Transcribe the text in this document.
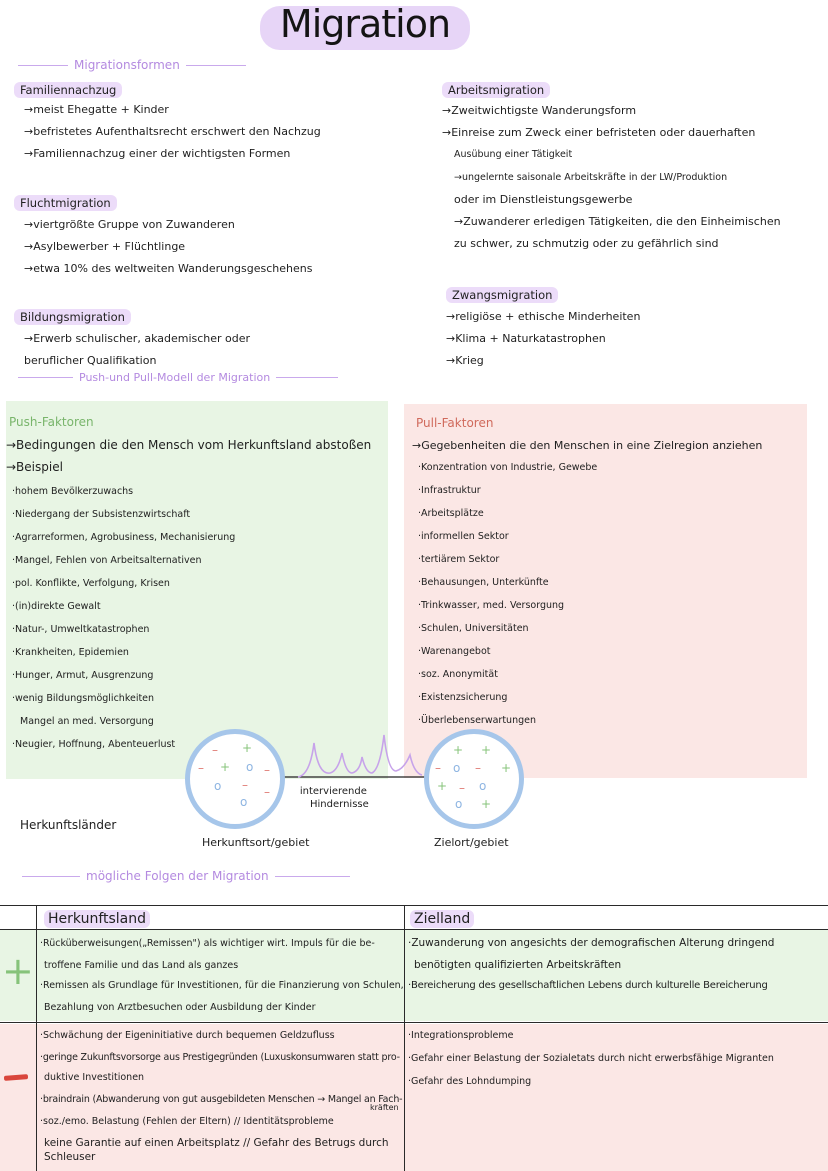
Migration
Migrationsformen
Familiennachzug
→meist Ehegatte + Kinder
→befristetes Aufenthaltsrecht erschwert den Nachzug
→Familiennachzug einer der wichtigsten Formen
Fluchtmigration
→viertgrößte Gruppe von Zuwanderen
→Asylbewerber + Flüchtlinge
→etwa 10% des weltweiten Wanderungsgeschehens
Bildungsmigration
→Erwerb schulischer, akademischer oder
beruflicher Qualifikation
Arbeitsmigration
→Zweitwichtigste Wanderungsform
→Einreise zum Zweck einer befristeten oder dauerhaften
Ausübung einer Tätigkeit
→ungelernte saisonale Arbeitskräfte in der LW/Produktion
oder im Dienstleistungsgewerbe
→Zuwanderer erledigen Tätigkeiten, die den Einheimischen
zu schwer, zu schmutzig oder zu gefährlich sind
Zwangsmigration
→religiöse + ethische Minderheiten
→Klima + Naturkatastrophen
→Krieg
Push-und Pull-Modell der Migration
Push-Faktoren
→Bedingungen die den Mensch vom Herkunftsland abstoßen
→Beispiel
·hohem Bevölkerzuwachs
·Niedergang der Subsistenzwirtschaft
·Agrarreformen, Agrobusiness, Mechanisierung
·Mangel, Fehlen von Arbeitsalternativen
·pol. Konflikte, Verfolgung, Krisen
·(in)direkte Gewalt
·Natur-, Umweltkatastrophen
·Krankheiten, Epidemien
·Hunger, Armut, Ausgrenzung
·wenig Bildungsmöglichkeiten
Mangel an med. Versorgung
·Neugier, Hoffnung, Abenteuerlust
Pull-Faktoren
→Gegebenheiten die den Menschen in eine Zielregion anziehen
·Konzentration von Industrie, Gewebe
·Infrastruktur
·Arbeitsplätze
·informellen Sektor
·tertiärem Sektor
·Behausungen, Unterkünfte
·Trinkwasser, med. Versorgung
·Schulen, Universitäten
·Warenangebot
·soz. Anonymität
·Existenzsicherung
·Überlebenserwartungen
– +
– + o –
o – –
o
+ +
– o – +
+ – o
o +
intervierende
Hindernisse
Herkunftsländer
Herkunftsort/gebiet	Zielort/gebiet
mögliche Folgen der Migration
Herkunftsland	Zielland
+
·Rücküberweisungen(„Remissen") als wichtiger wirt. Impuls für die be-
troffene Familie und das Land als ganzes
·Remissen als Grundlage für Investitionen, für die Finanzierung von Schulen,
Bezahlung von Arztbesuchen oder Ausbildung der Kinder
·Zuwanderung von angesichts der demografischen Alterung dringend
benötigten qualifizierten Arbeitskräften
·Bereicherung des gesellschaftlichen Lebens durch kulturelle Bereicherung
·Schwächung der Eigeninitiative durch bequemen Geldzufluss
·geringe Zukunftsvorsorge aus Prestigegründen (Luxuskonsumwaren statt pro-
duktive Investitionen
·braindrain (Abwanderung von gut ausgebildeten Menschen → Mangel an Fach-
kräften
·soz./emo. Belastung (Fehlen der Eltern) // Identitätsprobleme
keine Garantie auf einen Arbeitsplatz // Gefahr des Betrugs durch
Schleuser
·Integrationsprobleme
·Gefahr einer Belastung der Sozialetats durch nicht erwerbsfähige Migranten
·Gefahr des Lohndumping
